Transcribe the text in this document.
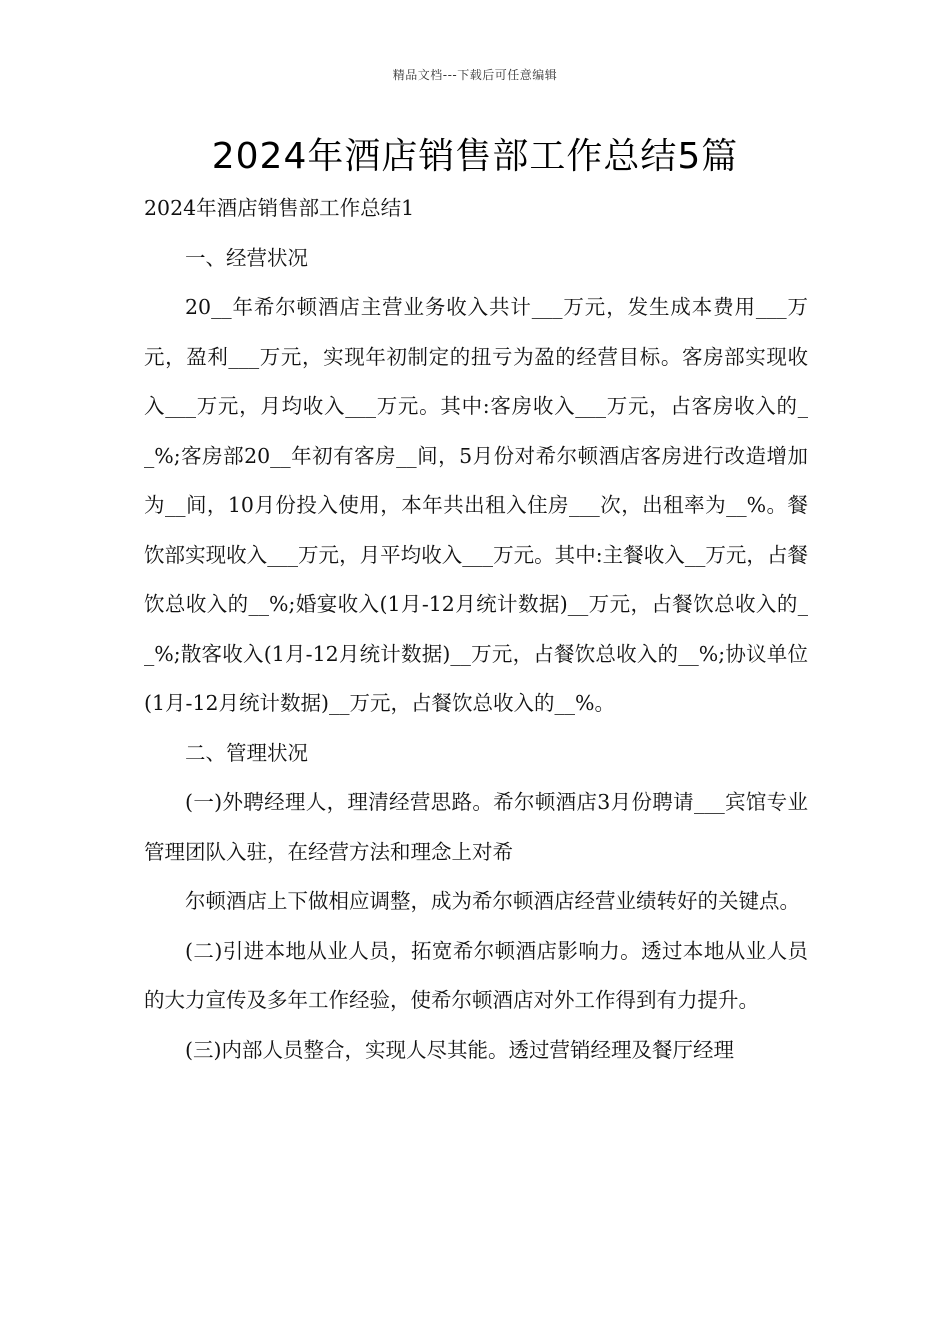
精品文档---下载后可任意编辑
2024年酒店销售部工作总结5篇

2024年酒店销售部工作总结1

一、经营状况

20__年希尔顿酒店主营业务收入共计___万元，发生成本费用___万元，盈利___万元，实现年初制定的扭亏为盈的经营目标。客房部实现收入___万元，月均收入___万元。其中:客房收入___万元，占客房收入的__%;客房部20__年初有客房__间，5月份对希尔顿酒店客房进行改造增加为__间，10月份投入使用，本年共出租入住房___次，出租率为__%。餐饮部实现收入___万元，月平均收入___万元。其中:主餐收入__万元，占餐饮总收入的__%;婚宴收入(1月-12月统计数据)__万元，占餐饮总收入的__%;散客收入(1月-12月统计数据)__万元，占餐饮总收入的__%;协议单位(1月-12月统计数据)__万元，占餐饮总收入的__%。

二、管理状况

(一)外聘经理人，理清经营思路。希尔顿酒店3月份聘请___宾馆专业管理团队入驻，在经营方法和理念上对希

尔顿酒店上下做相应调整，成为希尔顿酒店经营业绩转好的关键点。

(二)引进本地从业人员，拓宽希尔顿酒店影响力。透过本地从业人员的大力宣传及多年工作经验，使希尔顿酒店对外工作得到有力提升。

(三)内部人员整合，实现人尽其能。透过营销经理及餐厅经理
